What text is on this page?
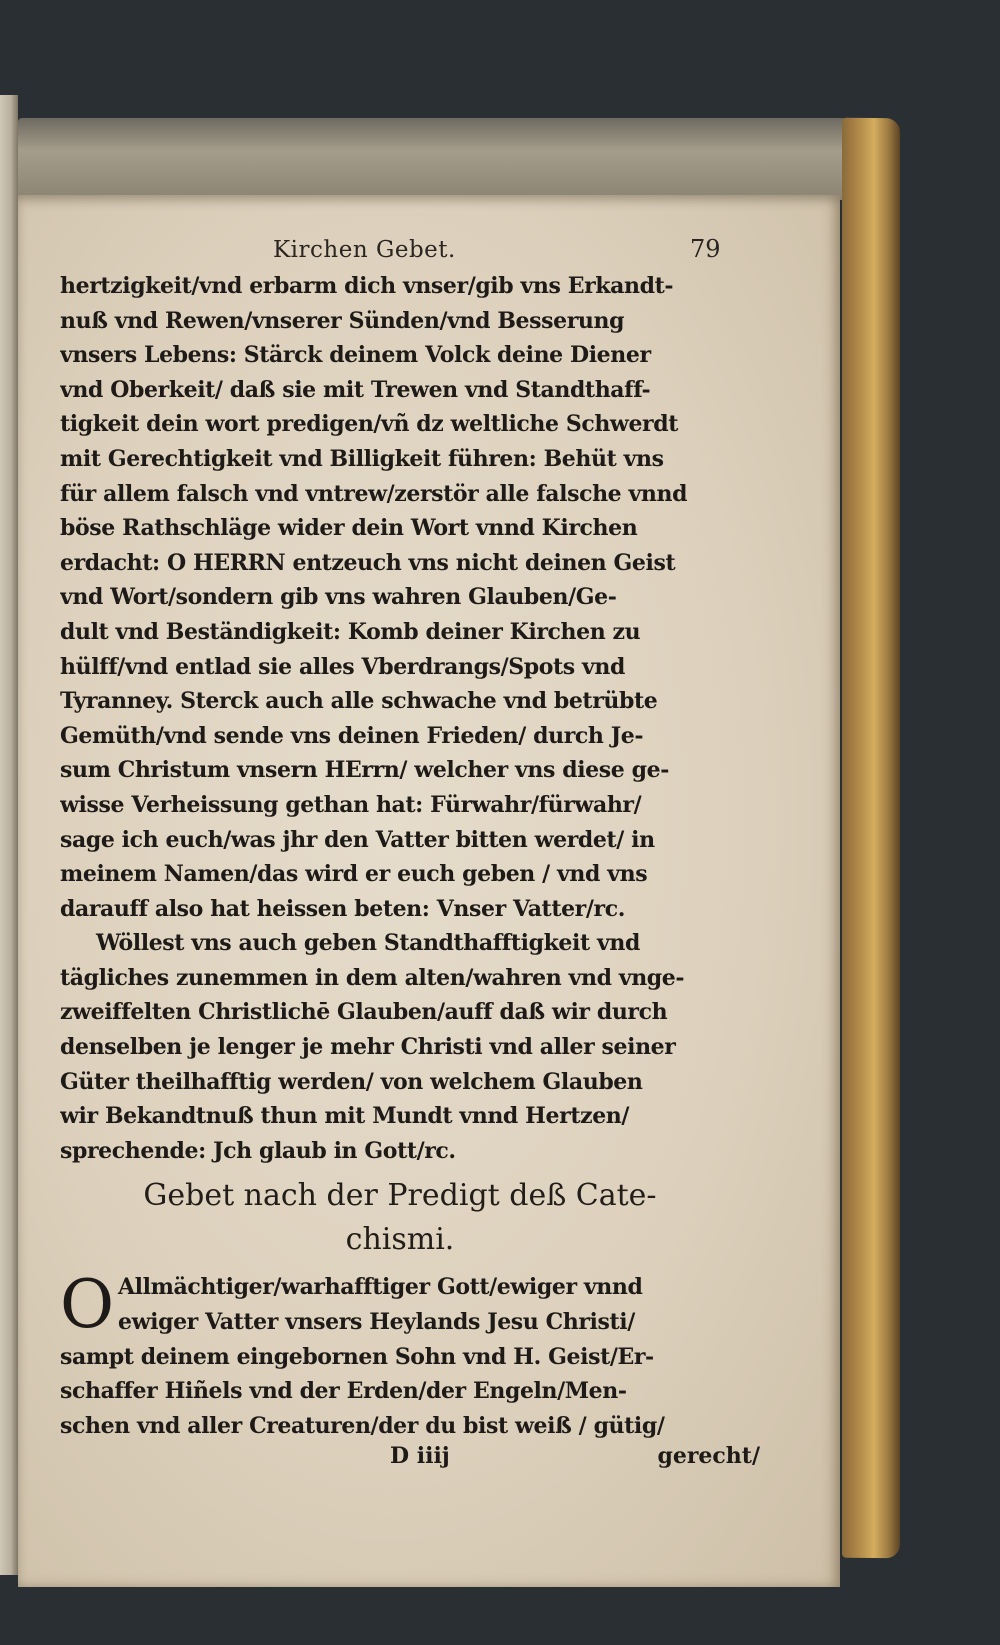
Kirchen Gebet.	79
hertzigkeit/vnd erbarm dich vnser/gib vns Erkandt-
nuß vnd Rewen/vnserer Sünden/vnd Besserung
vnsers Lebens: Stärck deinem Volck deine Diener
vnd Oberkeit/ daß sie mit Trewen vnd Standthaff-
tigkeit dein wort predigen/vñ dz weltliche Schwerdt
mit Gerechtigkeit vnd Billigkeit führen: Behüt vns
für allem falsch vnd vntrew/zerstör alle falsche vnnd
böse Rathschläge wider dein Wort vnnd Kirchen
erdacht: O HERRN entzeuch vns nicht deinen Geist
vnd Wort/sondern gib vns wahren Glauben/Ge-
dult vnd Beständigkeit: Komb deiner Kirchen zu
hülff/vnd entlad sie alles Vberdrangs/Spots vnd
Tyranney. Sterck auch alle schwache vnd betrübte
Gemüth/vnd sende vns deinen Frieden/ durch Je-
sum Christum vnsern HErrn/ welcher vns diese ge-
wisse Verheissung gethan hat: Fürwahr/fürwahr/
sage ich euch/was jhr den Vatter bitten werdet/ in
meinem Namen/das wird er euch geben / vnd vns
darauff also hat heissen beten: Vnser Vatter/rc.
Wöllest vns auch geben Standthafftigkeit vnd
tägliches zunemmen in dem alten/wahren vnd vnge-
zweiffelten Christlichē Glauben/auff daß wir durch
denselben je lenger je mehr Christi vnd aller seiner
Güter theilhafftig werden/ von welchem Glauben
wir Bekandtnuß thun mit Mundt vnnd Hertzen/
sprechende: Jch glaub in Gott/rc.
Gebet nach der Predigt deß Cate-
chismi.
O Allmächtiger/warhafftiger Gott/ewiger vnnd
ewiger Vatter vnsers Heylands Jesu Christi/
sampt deinem eingebornen Sohn vnd H. Geist/Er-
schaffer Hiñels vnd der Erden/der Engeln/Men-
schen vnd aller Creaturen/der du bist weiß / gütig/
D iiij	gerecht/
